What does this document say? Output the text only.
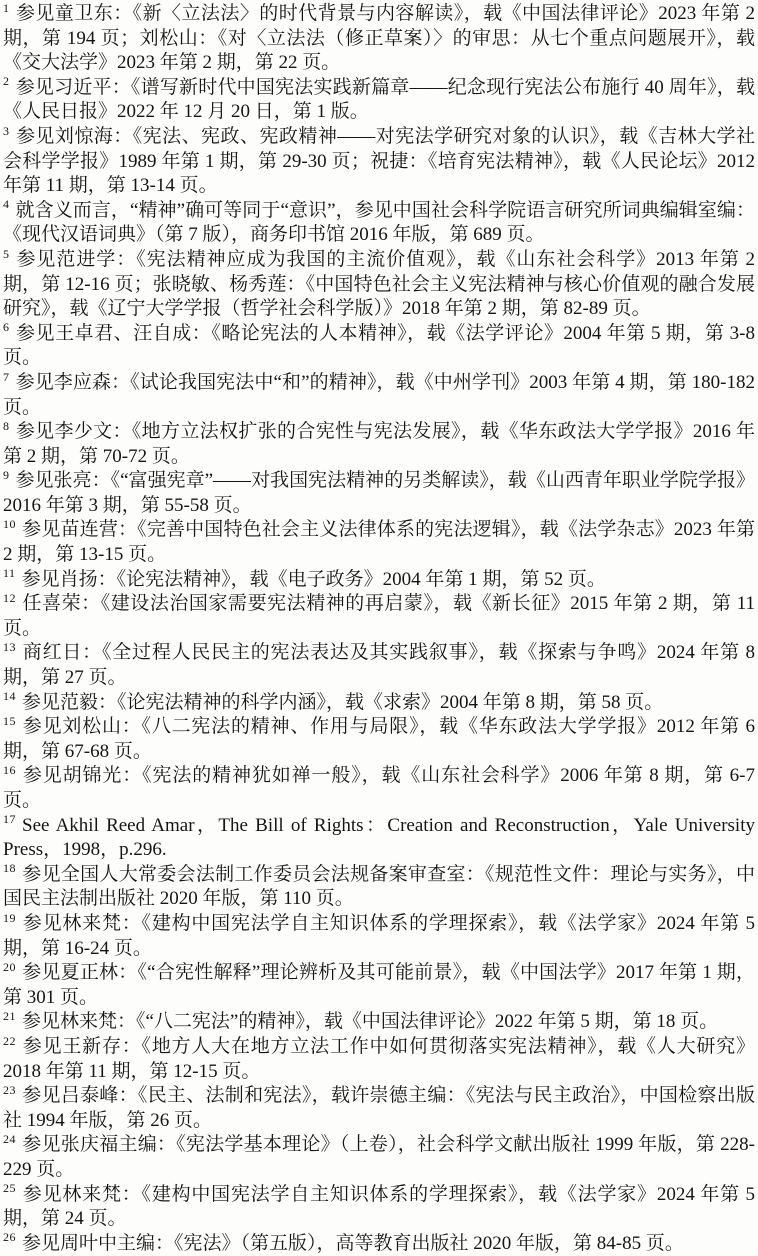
$^1$ 参见童卫东：《新〈立法法〉的时代背景与内容解读》，载《中国法律评论》2023 年第 2 期，第 194 页；刘松山：《对〈立法法（修正草案）〉的审思：从七个重点问题展开》，载《交大法学》2023 年第 2 期，第 22 页。

$^2$ 参见习近平：《谱写新时代中国宪法实践新篇章——纪念现行宪法公布施行 40 周年》，载《人民日报》2022 年 12 月 20 日，第 1 版。

$^3$ 参见刘惊海：《宪法、宪政、宪政精神——对宪法学研究对象的认识》，载《吉林大学社会科学学报》1989 年第 1 期，第 29-30 页；祝捷：《培育宪法精神》，载《人民论坛》2012 年第 11 期，第 13-14 页。

$^4$ 就含义而言，“精神”确可等同于“意识”，参见中国社会科学院语言研究所词典编辑室编：《现代汉语词典》（第 7 版），商务印书馆 2016 年版，第 689 页。

$^5$ 参见范进学：《宪法精神应成为我国的主流价值观》，载《山东社会科学》2013 年第 2 期，第 12-16 页；张晓敏、杨秀莲：《中国特色社会主义宪法精神与核心价值观的融合发展研究》，载《辽宁大学学报（哲学社会科学版）》2018 年第 2 期，第 82-89 页。

$^6$ 参见王卓君、汪自成：《略论宪法的人本精神》，载《法学评论》2004 年第 5 期，第 3-8 页。

$^7$ 参见李应森：《试论我国宪法中“和”的精神》，载《中州学刊》2003 年第 4 期，第 180-182 页。

$^8$ 参见李少文：《地方立法权扩张的合宪性与宪法发展》，载《华东政法大学学报》2016 年第 2 期，第 70-72 页。

$^9$ 参见张亮：《“富强宪章”——对我国宪法精神的另类解读》，载《山西青年职业学院学报》2016 年第 3 期，第 55-58 页。

$^{10}$ 参见苗连营：《完善中国特色社会主义法律体系的宪法逻辑》，载《法学杂志》2023 年第 2 期，第 13-15 页。

$^{11}$ 参见肖扬：《论宪法精神》，载《电子政务》2004 年第 1 期，第 52 页。

$^{12}$ 任喜荣：《建设法治国家需要宪法精神的再启蒙》，载《新长征》2015 年第 2 期，第 11 页。

$^{13}$ 商红日：《全过程人民民主的宪法表达及其实践叙事》，载《探索与争鸣》2024 年第 8 期，第 27 页。

$^{14}$ 参见范毅：《论宪法精神的科学内涵》，载《求索》2004 年第 8 期，第 58 页。

$^{15}$ 参见刘松山：《八二宪法的精神、作用与局限》，载《华东政法大学学报》2012 年第 6 期，第 67-68 页。

$^{16}$ 参见胡锦光：《宪法的精神犹如禅一般》，载《山东社会科学》2006 年第 8 期，第 6-7 页。

$^{17}$ See Akhil Reed Amar，The Bill of Rights：Creation and Reconstruction，Yale University Press，1998，p.296.

$^{18}$ 参见全国人大常委会法制工作委员会法规备案审查室：《规范性文件：理论与实务》，中国民主法制出版社 2020 年版，第 110 页。

$^{19}$ 参见林来梵：《建构中国宪法学自主知识体系的学理探索》，载《法学家》2024 年第 5 期，第 16-24 页。

$^{20}$ 参见夏正林：《“合宪性解释”理论辨析及其可能前景》，载《中国法学》2017 年第 1 期，第 301 页。

$^{21}$ 参见林来梵：《“八二宪法”的精神》，载《中国法律评论》2022 年第 5 期，第 18 页。

$^{22}$ 参见王新存：《地方人大在地方立法工作中如何贯彻落实宪法精神》，载《人大研究》2018 年第 11 期，第 12-15 页。

$^{23}$ 参见吕泰峰：《民主、法制和宪法》，载许崇德主编：《宪法与民主政治》，中国检察出版社 1994 年版，第 26 页。

$^{24}$ 参见张庆福主编：《宪法学基本理论》（上卷），社会科学文献出版社 1999 年版，第 228-229 页。

$^{25}$ 参见林来梵：《建构中国宪法学自主知识体系的学理探索》，载《法学家》2024 年第 5 期，第 24 页。

$^{26}$ 参见周叶中主编：《宪法》（第五版），高等教育出版社 2020 年版，第 84-85 页。
